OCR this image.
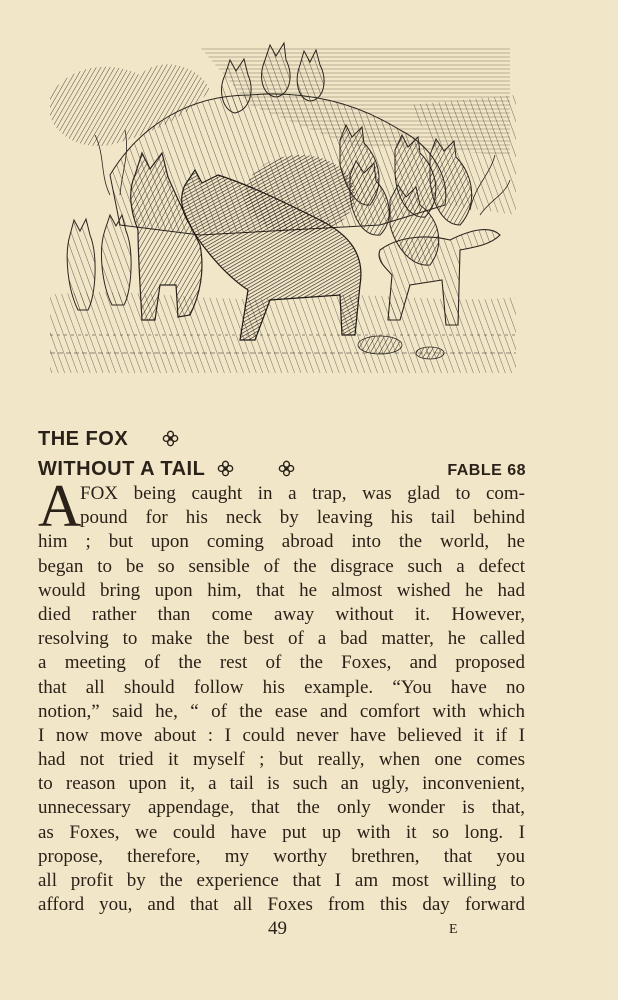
THE FOX
WITHOUT A TAIL	FABLE 68
A
FOX being caught in a trap, was glad to com-
pound for his neck by leaving his tail behind
him ; but upon coming abroad into the world, he
began to be so sensible of the disgrace such a defect
would bring upon him, that he almost wished he had
died rather than come away without it. However,
resolving to make the best of a bad matter, he called
a meeting of the rest of the Foxes, and proposed
that all should follow his example. “You have no
notion,” said he, “ of the ease and comfort with which
I now move about : I could never have believed it if I
had not tried it myself ; but really, when one comes
to reason upon it, a tail is such an ugly, inconvenient,
unnecessary appendage, that the only wonder is that,
as Foxes, we could have put up with it so long. I
propose, therefore, my worthy brethren, that you
all profit by the experience that I am most willing to
afford you, and that all Foxes from this day forward
49	E
